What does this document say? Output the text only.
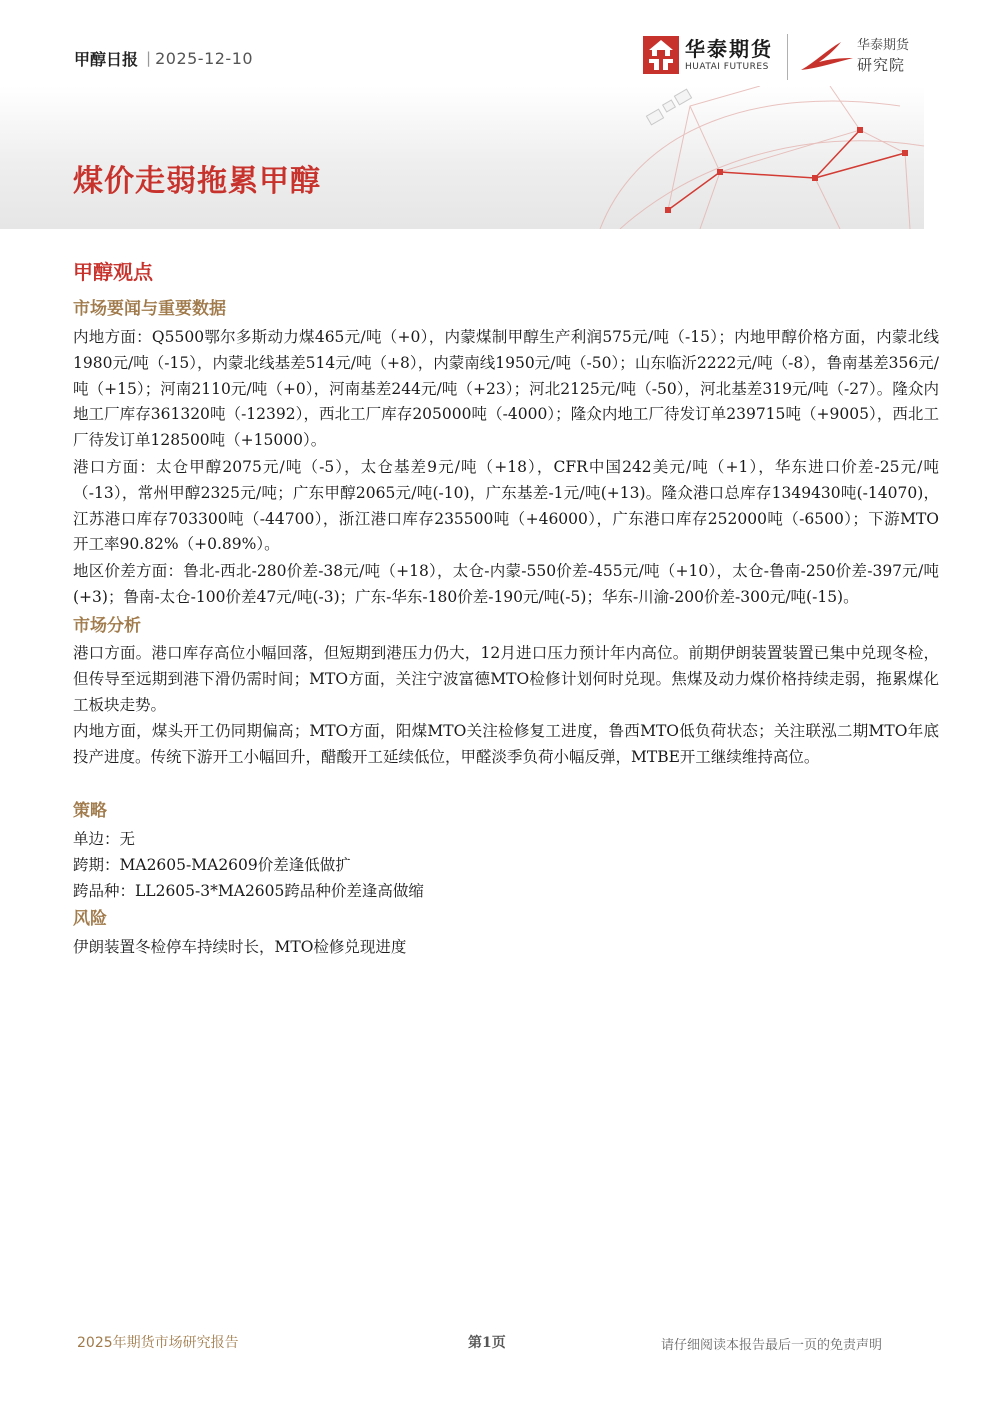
甲醇日报 | 2025-12-10	华泰期货
HUATAI FUTURES
华泰期货
研究院
煤价走弱拖累甲醇
甲醇观点
市场要闻与重要数据
内地方面：Q5500鄂尔多斯动力煤465元/吨（+0），内蒙煤制甲醇生产利润575元/吨（-15）；内地甲醇价格方面，内蒙北线1980元/吨（-15），内蒙北线基差514元/吨（+8），内蒙南线1950元/吨（-50）；山东临沂2222元/吨（-8），鲁南基差356元/吨（+15）；河南2110元/吨（+0），河南基差244元/吨（+23）；河北2125元/吨（-50），河北基差319元/吨（-27）。隆众内地工厂库存361320吨（-12392），西北工厂库存205000吨（-4000）；隆众内地工厂待发订单239715吨（+9005），西北工厂待发订单128500吨（+15000）。
港口方面：太仓甲醇2075元/吨（-5），太仓基差9元/吨（+18），CFR中国242美元/吨（+1），华东进口价差-25元/吨（-13），常州甲醇2325元/吨；广东甲醇2065元/吨(-10)，广东基差-1元/吨(+13)。隆众港口总库存1349430吨(-14070)，江苏港口库存703300吨（-44700），浙江港口库存235500吨（+46000），广东港口库存252000吨（-6500）；下游MTO开工率90.82%（+0.89%）。
地区价差方面：鲁北-西北-280价差-38元/吨（+18），太仓-内蒙-550价差-455元/吨（+10），太仓-鲁南-250价差-397元/吨(+3)；鲁南-太仓-100价差47元/吨(-3)；广东-华东-180价差-190元/吨(-5)；华东-川渝-200价差-300元/吨(-15)。
市场分析
港口方面。港口库存高位小幅回落，但短期到港压力仍大，12月进口压力预计年内高位。前期伊朗装置装置已集中兑现冬检，但传导至远期到港下滑仍需时间；MTO方面，关注宁波富德MTO检修计划何时兑现。焦煤及动力煤价格持续走弱，拖累煤化工板块走势。
内地方面，煤头开工仍同期偏高；MTO方面，阳煤MTO关注检修复工进度，鲁西MTO低负荷状态；关注联泓二期MTO年底投产进度。传统下游开工小幅回升，醋酸开工延续低位，甲醛淡季负荷小幅反弹，MTBE开工继续维持高位。
策略
单边：无
跨期：MA2605-MA2609价差逢低做扩
跨品种：LL2605-3*MA2605跨品种价差逢高做缩
风险
伊朗装置冬检停车持续时长，MTO检修兑现进度
2025年期货市场研究报告	第1页	请仔细阅读本报告最后一页的免责声明
